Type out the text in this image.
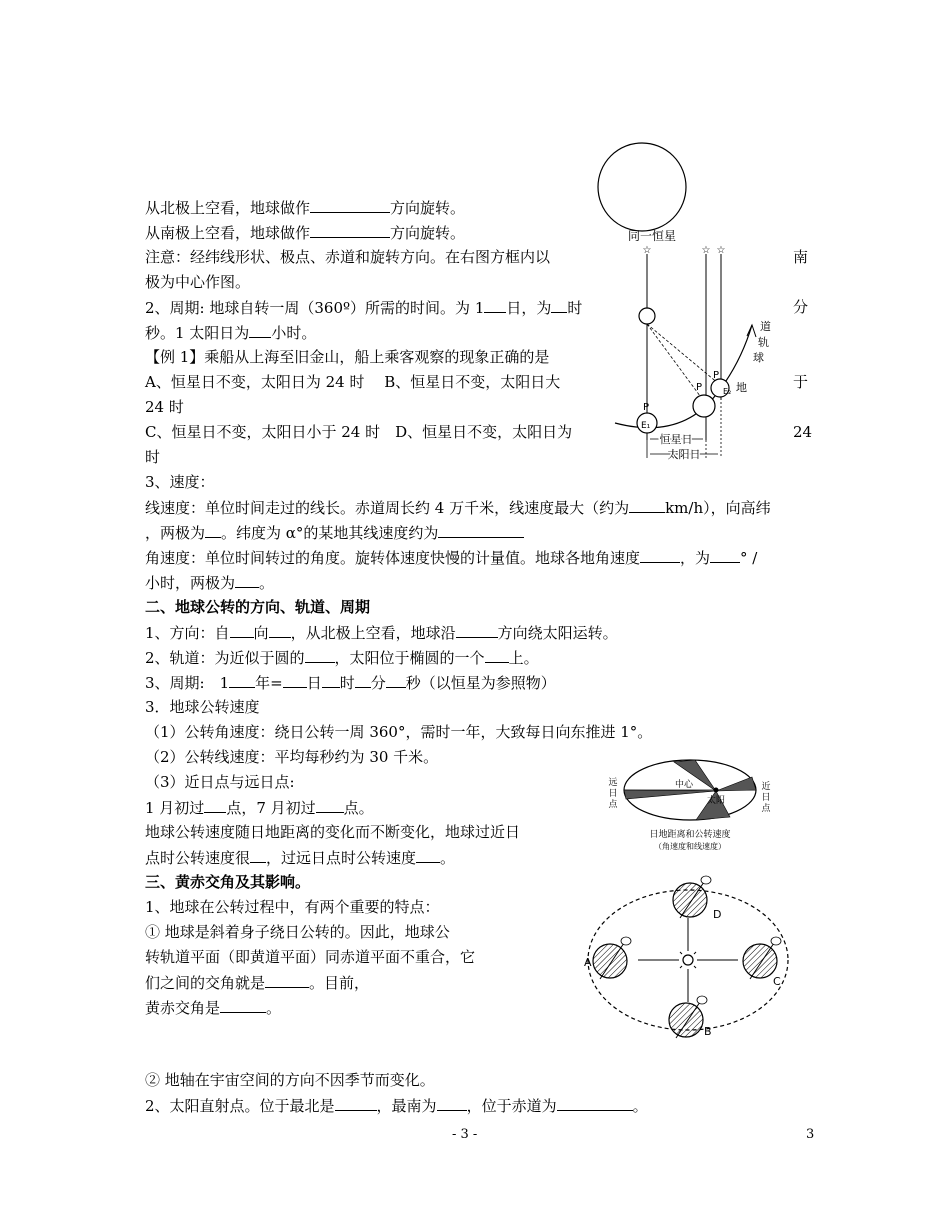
从北极上空看，地球做作	方向旋转。
从南极上空看，地球做作	方向旋转。
注意：经纬线形状、极点、赤道和旋转方向。在右图方框内以	南
极为中心作图。
2、周期: 地球自转一周（360º）所需的时间。为 1 日，为 时	分
秒。1 太阳日为 小时。
【例 1】乘船从上海至旧金山，船上乘客观察的现象正确的是
A、恒星日不变，太阳日为 24 时　 B、恒星日不变，太阳日大	于
24 时
C、恒星日不变，太阳日小于 24 时　D、恒星日不变，太阳日为	24
时
3、速度：
线速度：单位时间走过的线长。赤道周长约 4 万千米，线速度最大（约为 km/h），向高纬
，两极为 。纬度为 α°的某地其线速度约为
角速度：单位时间转过的角度。旋转体速度快慢的计量值。地球各地角速度	，为 ° /
小时，两极为 。
二、地球公转的方向、轨道、周期
1、方向：自 向 ，从北极上空看，地球沿	方向绕太阳运转。
2、轨道：为近似于圆的 ，太阳位于椭圆的一个 上。
3、周期:　1 年= 日 时 分 秒（以恒星为参照物）
3．地球公转速度
（1）公转角速度：绕日公转一周 360°，需时一年，大致每日向东推进 1°。
（2）公转线速度：平均每秒约为 30 千米。
（3）近日点与远日点:
1 月初过 点，7 月初过 点。
地球公转速度随日地距离的变化而不断变化，地球过近日
点时公转速度很 ，过远日点时公转速度 。
三、黄赤交角及其影响。
1、地球在公转过程中，有两个重要的特点：
① 地球是斜着身子绕日公转的。因此，地球公
转轨道平面（即黄道平面）同赤道平面不重合，它
们之间的交角就是	。目前，
黄赤交角是	。
② 地轴在宇宙空间的方向不因季节而变化。
2、太阳直射点。位于最北是	，最南为 ，位于赤道为	。
同一恒星
☆	☆ ☆
P
P
P
E₁
E₂
道
轨
球
地
恒星日
太阳日
中心
太阳
远
日
点
近
日
点
日地距离和公转速度
（角速度和线速度）
D
A
C
B
- 3 -	3
